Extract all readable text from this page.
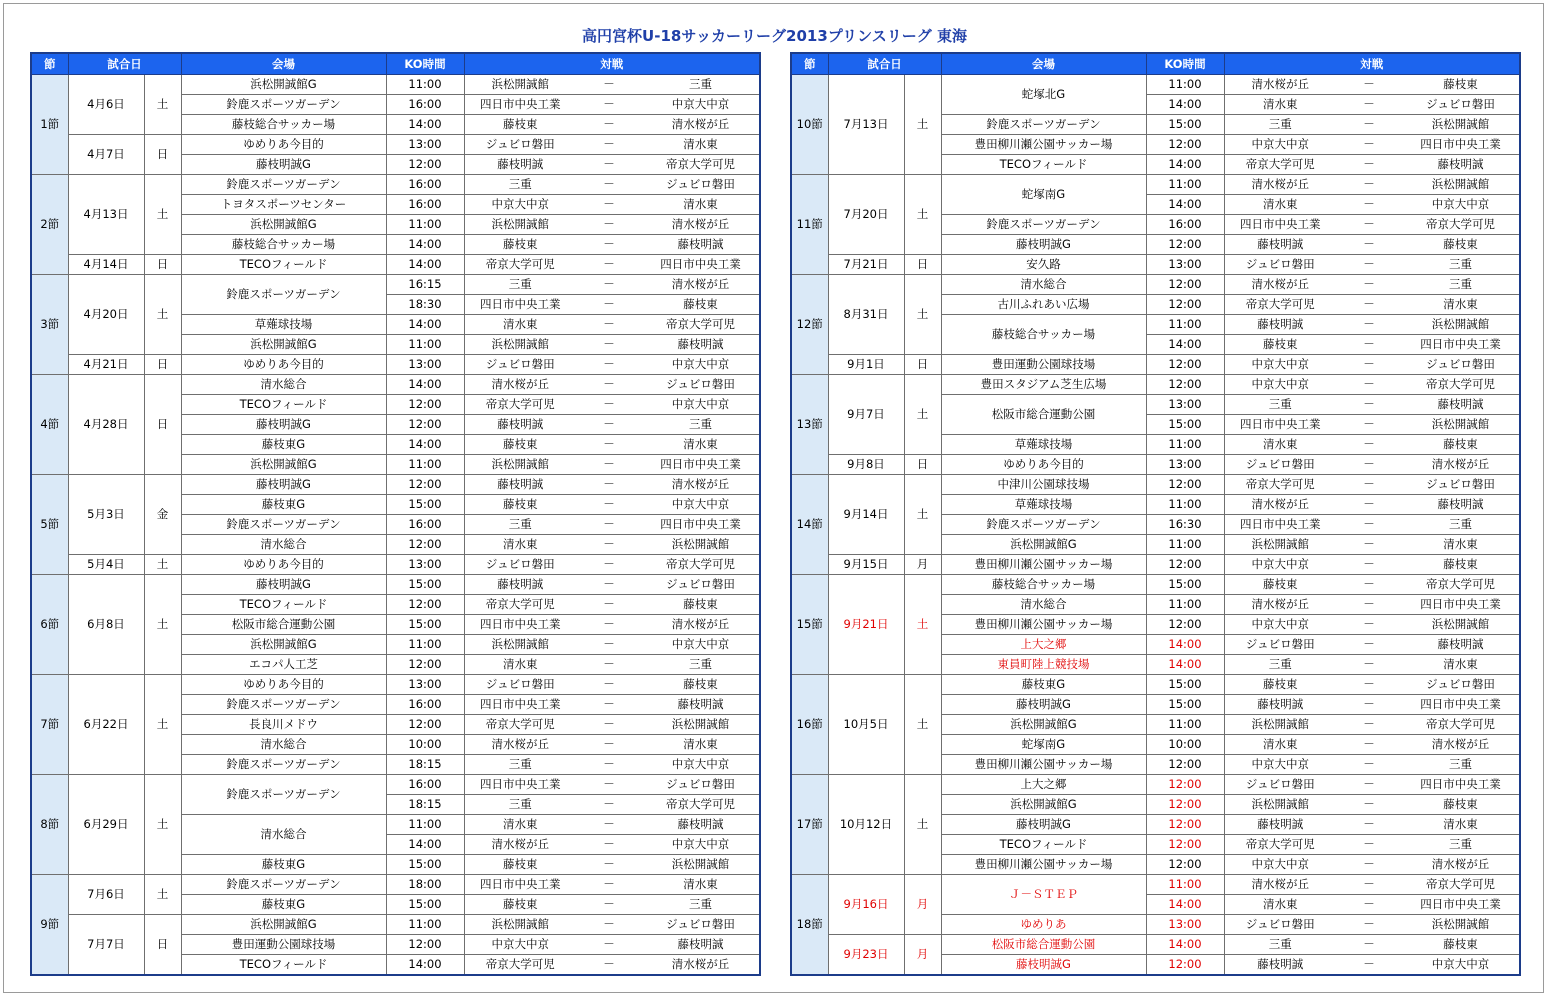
高円宮杯U-18サッカーリーグ2013プリンスリーグ 東海
節	試合日		会場	KO時間	対戦		
1節	4月6日	土	浜松開誠館G	11:00	浜松開誠館	－	三重
			鈴鹿スポーツガーデン	16:00	四日市中央工業	－	中京大中京
			藤枝総合サッカー場	14:00	藤枝東	－	清水桜が丘
	4月7日	日	ゆめりあ今目的	13:00	ジュビロ磐田	－	清水東
			藤枝明誠G	12:00	藤枝明誠	－	帝京大学可児
2節	4月13日	土	鈴鹿スポーツガーデン	16:00	三重	－	ジュビロ磐田
			トヨタスポーツセンター	16:00	中京大中京	－	清水東
			浜松開誠館G	11:00	浜松開誠館	－	清水桜が丘
			藤枝総合サッカー場	14:00	藤枝東	－	藤枝明誠
	4月14日	日	TECOフィールド	14:00	帝京大学可児	－	四日市中央工業
3節	4月20日	土	鈴鹿スポーツガーデン	16:15	三重	－	清水桜が丘
				18:30	四日市中央工業	－	藤枝東
			草薙球技場	14:00	清水東	－	帝京大学可児
			浜松開誠館G	11:00	浜松開誠館	－	藤枝明誠
	4月21日	日	ゆめりあ今目的	13:00	ジュビロ磐田	－	中京大中京
4節	4月28日	日	清水総合	14:00	清水桜が丘	－	ジュビロ磐田
			TECOフィールド	12:00	帝京大学可児	－	中京大中京
			藤枝明誠G	12:00	藤枝明誠	－	三重
			藤枝東G	14:00	藤枝東	－	清水東
			浜松開誠館G	11:00	浜松開誠館	－	四日市中央工業
5節	5月3日	金	藤枝明誠G	12:00	藤枝明誠	－	清水桜が丘
			藤枝東G	15:00	藤枝東	－	中京大中京
			鈴鹿スポーツガーデン	16:00	三重	－	四日市中央工業
			清水総合	12:00	清水東	－	浜松開誠館
	5月4日	土	ゆめりあ今目的	13:00	ジュビロ磐田	－	帝京大学可児
6節	6月8日	土	藤枝明誠G	15:00	藤枝明誠	－	ジュビロ磐田
			TECOフィールド	12:00	帝京大学可児	－	藤枝東
			松阪市総合運動公園	15:00	四日市中央工業	－	清水桜が丘
			浜松開誠館G	11:00	浜松開誠館	－	中京大中京
			エコパ人工芝	12:00	清水東	－	三重
7節	6月22日	土	ゆめりあ今目的	13:00	ジュビロ磐田	－	藤枝東
			鈴鹿スポーツガーデン	16:00	四日市中央工業	－	藤枝明誠
			長良川メドウ	12:00	帝京大学可児	－	浜松開誠館
			清水総合	10:00	清水桜が丘	－	清水東
			鈴鹿スポーツガーデン	18:15	三重	－	中京大中京
8節	6月29日	土	鈴鹿スポーツガーデン	16:00	四日市中央工業	－	ジュビロ磐田
				18:15	三重	－	帝京大学可児
			清水総合	11:00	清水東	－	藤枝明誠
				14:00	清水桜が丘	－	中京大中京
			藤枝東G	15:00	藤枝東	－	浜松開誠館
9節	7月6日	土	鈴鹿スポーツガーデン	18:00	四日市中央工業	－	清水東
			藤枝東G	15:00	藤枝東	－	三重
	7月7日	日	浜松開誠館G	11:00	浜松開誠館	－	ジュビロ磐田
			豊田運動公園球技場	12:00	中京大中京	－	藤枝明誠
			TECOフィールド	14:00	帝京大学可児	－	清水桜が丘
節	試合日		会場	KO時間	対戦		
10節	7月13日	土	蛇塚北G	11:00	清水桜が丘	－	藤枝東
				14:00	清水東	－	ジュビロ磐田
			鈴鹿スポーツガーデン	15:00	三重	－	浜松開誠館
			豊田柳川瀬公園サッカー場	12:00	中京大中京	－	四日市中央工業
			TECOフィールド	14:00	帝京大学可児	－	藤枝明誠
11節	7月20日	土	蛇塚南G	11:00	清水桜が丘	－	浜松開誠館
				14:00	清水東	－	中京大中京
			鈴鹿スポーツガーデン	16:00	四日市中央工業	－	帝京大学可児
			藤枝明誠G	12:00	藤枝明誠	－	藤枝東
	7月21日	日	安久路	13:00	ジュビロ磐田	－	三重
12節	8月31日	土	清水総合	12:00	清水桜が丘	－	三重
			古川ふれあい広場	12:00	帝京大学可児	－	清水東
			藤枝総合サッカー場	11:00	藤枝明誠	－	浜松開誠館
				14:00	藤枝東	－	四日市中央工業
	9月1日	日	豊田運動公園球技場	12:00	中京大中京	－	ジュビロ磐田
13節	9月7日	土	豊田スタジアム芝生広場	12:00	中京大中京	－	帝京大学可児
			松阪市総合運動公園	13:00	三重	－	藤枝明誠
				15:00	四日市中央工業	－	浜松開誠館
			草薙球技場	11:00	清水東	－	藤枝東
	9月8日	日	ゆめりあ今目的	13:00	ジュビロ磐田	－	清水桜が丘
14節	9月14日	土	中津川公園球技場	12:00	帝京大学可児	－	ジュビロ磐田
			草薙球技場	11:00	清水桜が丘	－	藤枝明誠
			鈴鹿スポーツガーデン	16:30	四日市中央工業	－	三重
			浜松開誠館G	11:00	浜松開誠館	－	清水東
	9月15日	月	豊田柳川瀬公園サッカー場	12:00	中京大中京	－	藤枝東
15節	9月21日	土	藤枝総合サッカー場	15:00	藤枝東	－	帝京大学可児
			清水総合	11:00	清水桜が丘	－	四日市中央工業
			豊田柳川瀬公園サッカー場	12:00	中京大中京	－	浜松開誠館
			上大之郷	14:00	ジュビロ磐田	－	藤枝明誠
			東員町陸上競技場	14:00	三重	－	清水東
16節	10月5日	土	藤枝東G	15:00	藤枝東	－	ジュビロ磐田
			藤枝明誠G	15:00	藤枝明誠	－	四日市中央工業
			浜松開誠館G	11:00	浜松開誠館	－	帝京大学可児
			蛇塚南G	10:00	清水東	－	清水桜が丘
			豊田柳川瀬公園サッカー場	12:00	中京大中京	－	三重
17節	10月12日	土	上大之郷	12:00	ジュビロ磐田	－	四日市中央工業
			浜松開誠館G	12:00	浜松開誠館	－	藤枝東
			藤枝明誠G	12:00	藤枝明誠	－	清水東
			TECOフィールド	12:00	帝京大学可児	－	三重
			豊田柳川瀬公園サッカー場	12:00	中京大中京	－	清水桜が丘
18節	9月16日	月	Ｊ－ＳＴＥＰ	11:00	清水桜が丘	－	帝京大学可児
				14:00	清水東	－	四日市中央工業
			ゆめりあ	13:00	ジュビロ磐田	－	浜松開誠館
	9月23日	月	松阪市総合運動公園	14:00	三重	－	藤枝東
			藤枝明誠G	12:00	藤枝明誠	－	中京大中京
